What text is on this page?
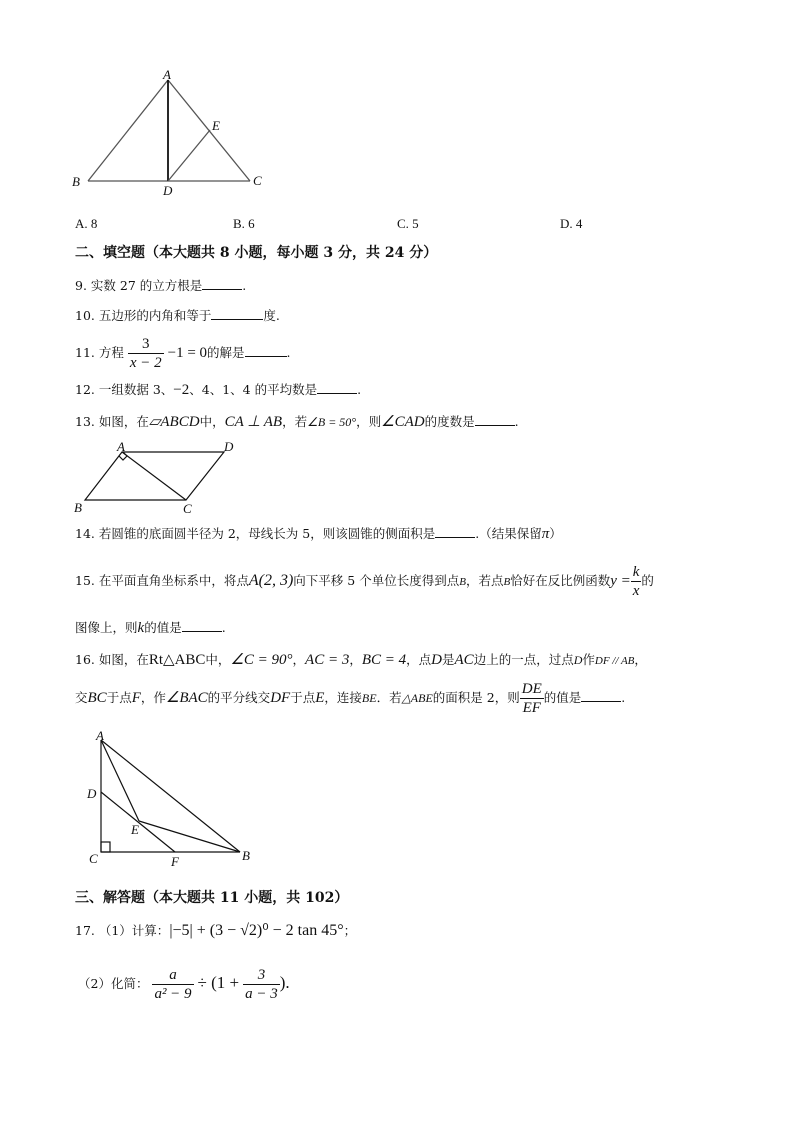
A
B	C
D
E
A
B	C
D
A
D
E
C	F	B
A. 8	B. 6	C. 5	D. 4
二、填空题（本大题共 8 小题，每小题 3 分，共 24 分）
9. 实数 27 的立方根是	.
10. 五边形的内角和等于	度.
11. 方程 $\frac{3}{x - 2} -1 = 0$的解是	.
12. 一组数据 3、−2、4、1、4 的平均数是	.
13. 如图，在▱ABCD中，CA ⊥ AB，若∠B = 50°，则∠CAD的度数是	.
14. 若圆锥的底面圆半径为 2，母线长为 5，则该圆锥的侧面积是	.（结果保留π）
15. 在平面直角坐标系中，将点A(2, 3)向下平移 5 个单位长度得到点B，若点B恰好在反比例函数$y = \frac{k}{x}$ 的
图像上，则k的值是	.
16. 如图，在Rt△ABC中，∠C = 90°，AC = 3，BC = 4，点D是AC边上的一点，过点D作DF // AB，
交BC于点F，作∠BAC的平分线交DF于点E，连接BE．若△ABE的面积是 2，则 $\frac{DE}{EF}$ 的值是	.
三、解答题（本大题共 11 小题，共 102）
17. （1）计算：|−5| + (3 − √2)⁰ − 2 tan 45°；
（2）化简： $\frac{a}{\text{a² − 9}} \div (1 + \frac{3}{a - 3}$ ).
